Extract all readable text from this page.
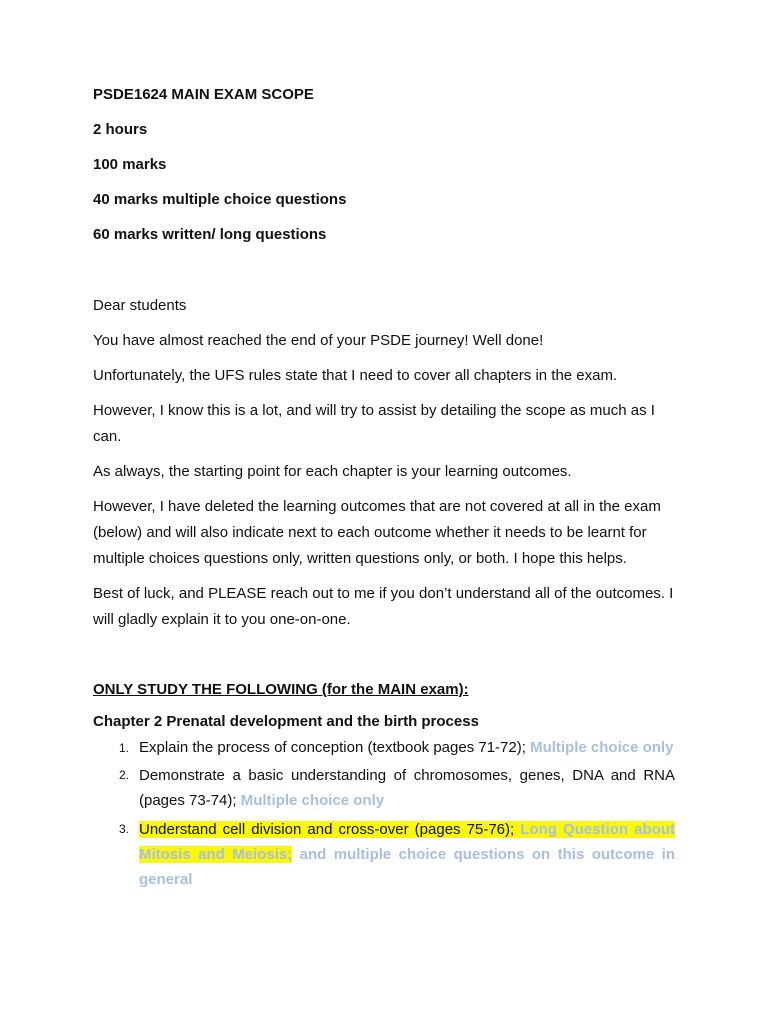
PSDE1624 MAIN EXAM SCOPE

2 hours

100 marks

40 marks multiple choice questions

60 marks written/ long questions

Dear students

You have almost reached the end of your PSDE journey! Well done!

Unfortunately, the UFS rules state that I need to cover all chapters in the exam.

However, I know this is a lot, and will try to assist by detailing the scope as much as I can.

As always, the starting point for each chapter is your learning outcomes.

However, I have deleted the learning outcomes that are not covered at all in the exam (below) and will also indicate next to each outcome whether it needs to be learnt for multiple choices questions only, written questions only, or both. I hope this helps.

Best of luck, and PLEASE reach out to me if you don’t understand all of the outcomes. I will gladly explain it to you one-on-one.

ONLY STUDY THE FOLLOWING (for the MAIN exam):

Chapter 2 Prenatal development and the birth process

1. Explain the process of conception (textbook pages 71-72); Multiple choice only
2. Demonstrate a basic understanding of chromosomes, genes, DNA and RNA (pages 73-74); Multiple choice only
3. Understand cell division and cross-over (pages 75-76); Long Question about Mitosis and Meiosis; and multiple choice questions on this outcome in general
